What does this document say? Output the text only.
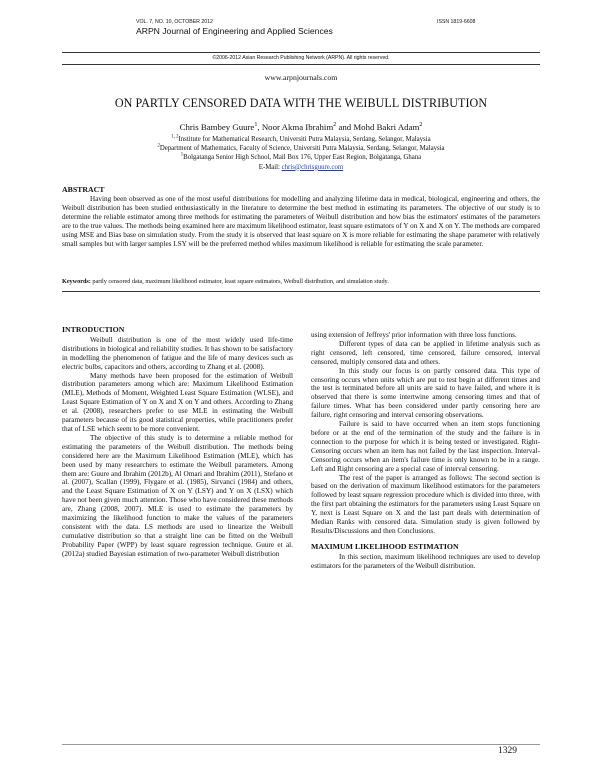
VOL. 7, NO. 10, OCTOBER 2012	ISSN 1819-6608
ARPN Journal of Engineering and Applied Sciences
©2006-2012 Asian Research Publishing Network (ARPN). All rights reserved.
www.arpnjournals.com
ON PARTLY CENSORED DATA WITH THE WEIBULL DISTRIBUTION
Chris Bambey Guure$^1$, Noor Akma Ibrahim$^2$ and Mohd Bakri Adam$^2$
$^{1, 2}$Institute for Mathematical Research, Universiti Putra Malaysia, Serdang, Selangor, Malaysia
$^2$Department of Mathematics, Faculty of Science, Universiti Putra Malaysia, Serdang, Selangor, Malaysia
$^1$Bolgatanga Senior High School, Mail Box 176, Upper East Region, Bolgatanga, Ghana
E-Mail: chris@chrisguure.com
ABSTRACT
Having been observed as one of the most useful distributions for modelling and analyzing lifetime data in medical, biological, engineering and others, the Weibull distribution has been studied enthusiastically in the literature to determine the best method in estimating its parameters. The objective of our study is to determine the reliable estimator among three methods for estimating the parameters of Weibull distribution and how bias the estimators' estimates of the parameters are to the true values. The methods being examined here are maximum likelihood estimator, least square estimators of Y on X and X on Y. The methods are compared using MSE and Bias base on simulation study. From the study it is observed that least square on X is more reliable for estimating the shape parameter with relatively small samples but with larger samples LSY will be the preferred method whiles maximum likelihood is reliable for estimating the scale parameter.
Keywords: partly censored data, maximum likelihood estimator, least square estimators, Weibull distribution, and simulation study.
INTRODUCTION

Weibull distribution is one of the most widely used life-time distributions in biological and reliability studies. It has shown to be satisfactory in modelling the phenomenon of fatigue and the life of many devices such as electric bulbs, capacitors and others, according to Zhang et al. (2008).

Many methods have been proposed for the estimation of Weibull distribution parameters among which are: Maximum Likelihood Estimation (MLE), Methods of Moment, Weighted Least Square Estimation (WLSE), and Least Square Estimation of Y on X and X on Y and others. According to Zhang et al. (2008), researchers prefer to use MLE in estimating the Weibull parameters because of its good statistical properties, while practitioners prefer that of LSE which seem to be more convenient.

The objective of this study is to determine a reliable method for estimating the parameters of the Weibull distribution. The methods being considered here are the Maximum Likelihood Estimation (MLE), which has been used by many researchers to estimate the Weibull parameters. Among them are: Guure and Ibrahim (2012b), Al Omari and Ibrahim (2011), Stefano et al. (2007), Scallan (1999), Flygare et al. (1985), Sirvanci (1984) and others, and the Least Square Estimation of X on Y (LSY) and Y on X (LSX) which have not been given much attention. Those who have considered these methods are, Zhang (2008, 2007). MLE is used to estimate the parameters by maximizing the likelihood function to make the values of the parameters consistent with the data. LS methods are used to linearize the Weibull cumulative distribution so that a straight line can be fitted on the Weibull Probability Paper (WPP) by least square regression technique. Guure et al. (2012a) studied Bayesian estimation of two-parameter Weibull distribution

using extension of Jeffreys' prior information with three loss functions.

Different types of data can be applied in lifetime analysis such as right censored, left censored, time censored, failure censored, interval censored, multiply censored data and others.

In this study our focus is on partly censored data. This type of censoring occurs when units which are put to test begin at different times and the test is terminated before all units are said to have failed, and where it is observed that there is some intertwine among censoring times and that of failure times. What has been considered under partly censoring here are failure, right censoring and interval censoring observations.

Failure is said to have occurred when an item stops functioning before or at the end of the termination of the study and the failure is in connection to the purpose for which it is being tested or investigated. Right-Censoring occurs when an item has not failed by the last inspection. Interval-Censoring occurs when an item's failure time is only known to be in a range. Left and Right censoring are a special case of interval censoring.

The rest of the paper is arranged as follows: The second section is based on the derivation of maximum likelihood estimators for the parameters followed by least square regression procedure which is divided into three, with the first part obtaining the estimators for the parameters using Least Square on Y, next is Least Square on X and the last part deals with determination of Median Ranks with censored data. Simulation study is given followed by Results/Discussions and then Conclusions.

MAXIMUM LIKELIHOOD ESTIMATION

In this section, maximum likelihood techniques are used to develop estimators for the parameters of the Weibull distribution.

1329
